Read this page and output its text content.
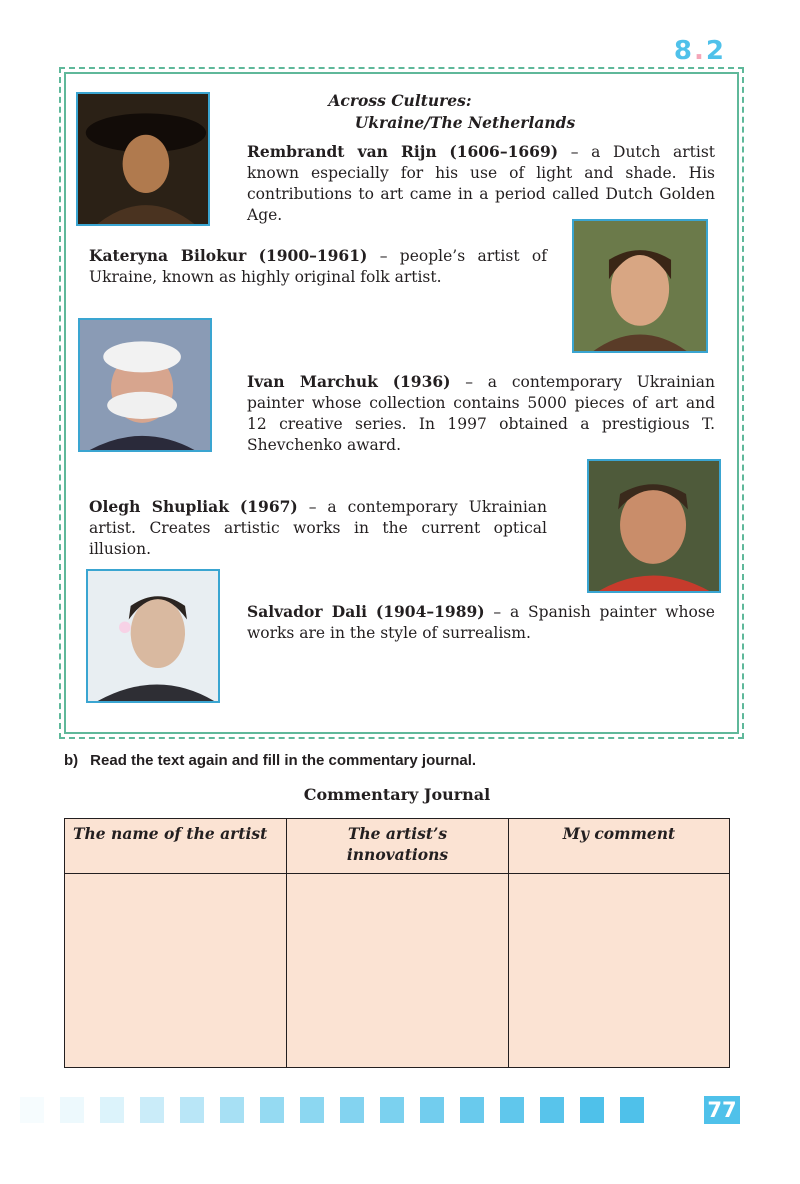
8.2
Across Cultures:
Ukraine/The Netherlands
Rembrandt van Rijn (1606–1669) – a Dutch artist known especially for his use of light and shade. His contributions to art came in a period called Dutch Golden Age.
Kateryna Bilokur (1900–1961) – people’s artist of Ukraine, known as highly original folk artist.
Ivan Marchuk (1936) – a contemporary Ukrainian painter whose collection contains 5000 pieces of art and 12 creative series. In 1997 obtained a prestigious T. Shevchenko award.
Olegh Shupliak (1967) – a contemporary Ukrainian artist. Creates artistic works in the current optical illusion.
Salvador Dali (1904–1989) – a Spanish painter whose works are in the style of surrealism.
b) Read the text again and fill in the commentary journal.
Commentary Journal
The name of the artist	The artist’s innovations	My comment

77
